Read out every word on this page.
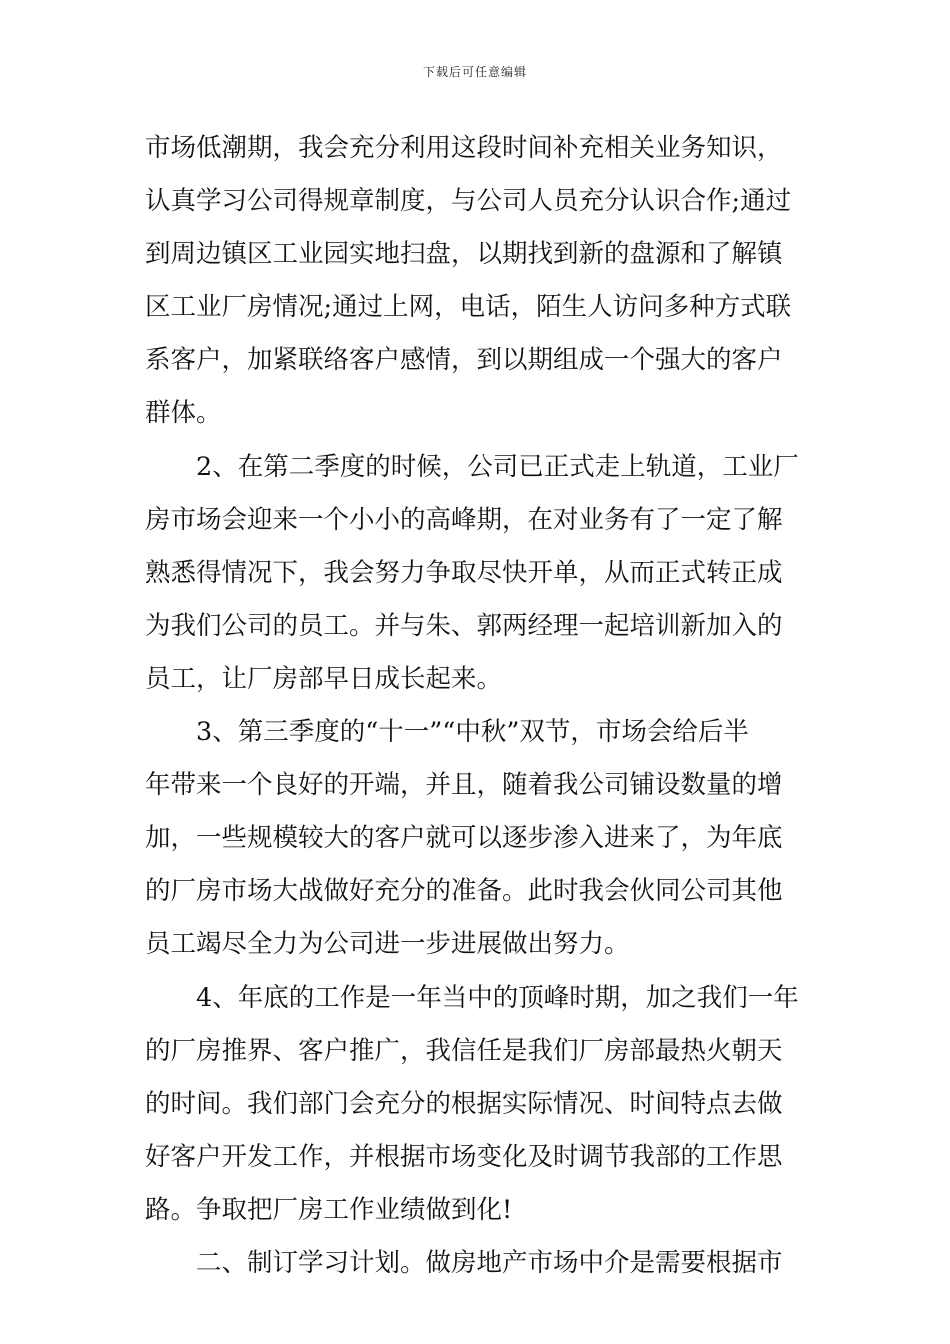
下载后可任意编辑
市场低潮期，我会充分利用这段时间补充相关业务知识，
认真学习公司得规章制度，与公司人员充分认识合作;通过
到周边镇区工业园实地扫盘，以期找到新的盘源和了解镇
区工业厂房情况;通过上网，电话，陌生人访问多种方式联
系客户，加紧联络客户感情，到以期组成一个强大的客户
群体。
2、在第二季度的时候，公司已正式走上轨道，工业厂
房市场会迎来一个小小的高峰期，在对业务有了一定了解
熟悉得情况下，我会努力争取尽快开单，从而正式转正成
为我们公司的员工。并与朱、郭两经理一起培训新加入的
员工，让厂房部早日成长起来。
3、第三季度的“十一”“中秋”双节，市场会给后半
年带来一个良好的开端，并且，随着我公司铺设数量的增
加，一些规模较大的客户就可以逐步渗入进来了，为年底
的厂房市场大战做好充分的准备。此时我会伙同公司其他
员工竭尽全力为公司进一步进展做出努力。
4、年底的工作是一年当中的顶峰时期，加之我们一年
的厂房推界、客户推广，我信任是我们厂房部最热火朝天
的时间。我们部门会充分的根据实际情况、时间特点去做
好客户开发工作，并根据市场变化及时调节我部的工作思
路。争取把厂房工作业绩做到化!
二、制订学习计划。做房地产市场中介是需要根据市
